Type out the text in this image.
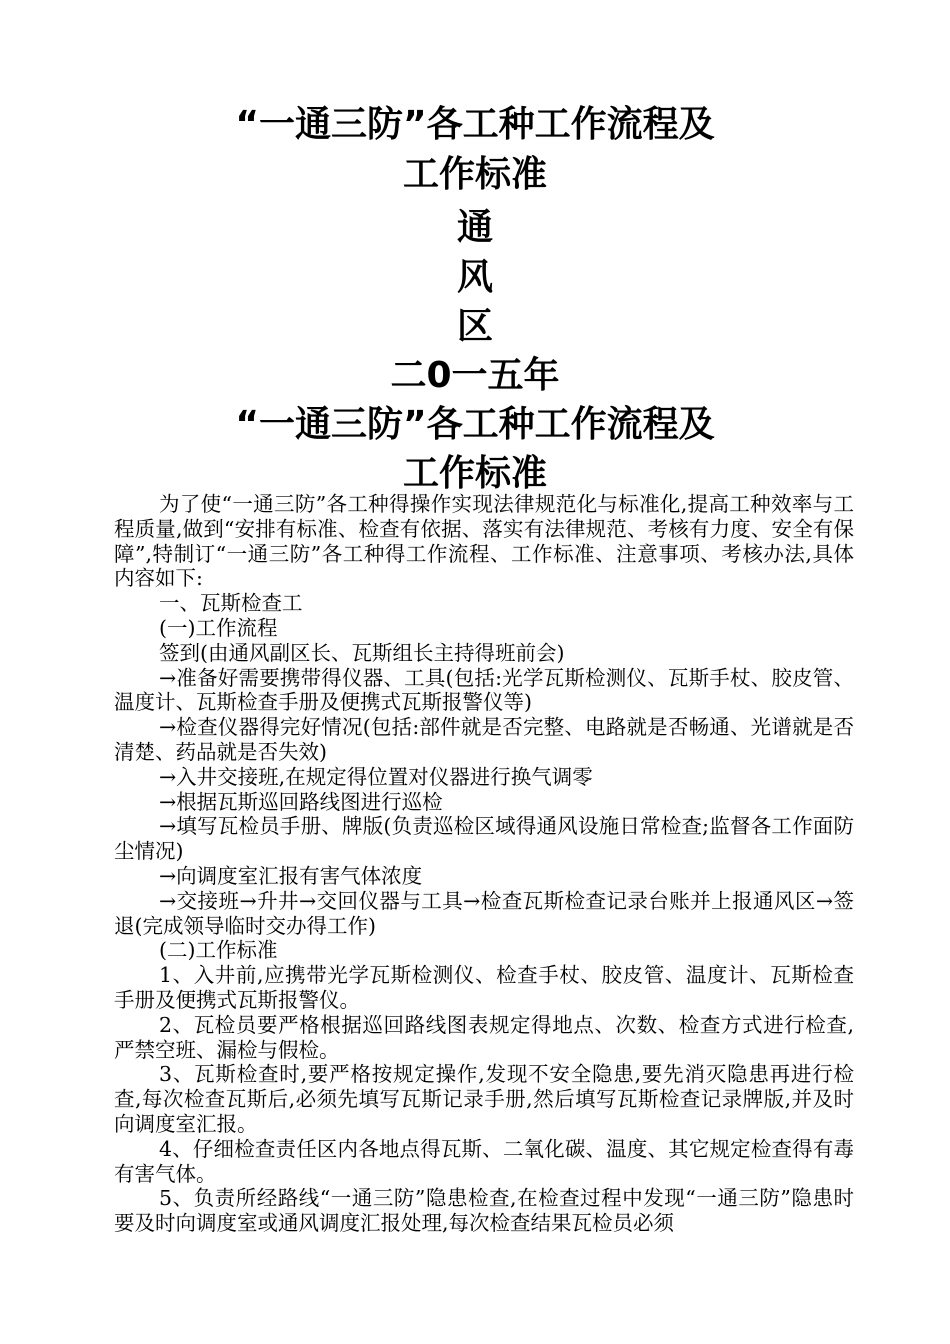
“一通三防”各工种工作流程及
工作标准
通
风
区
二0一五年
“一通三防”各工种工作流程及
工作标准

为了使“一通三防”各工种得操作实现法律规范化与标准化,提高工种效率与工程质量,做到“安排有标准、检查有依据、落实有法律规范、考核有力度、安全有保障”,特制订“一通三防”各工种得工作流程、工作标准、注意事项、考核办法,具体内容如下:

一、瓦斯检查工

(一)工作流程

签到(由通风副区长、瓦斯组长主持得班前会)

→准备好需要携带得仪器、工具(包括:光学瓦斯检测仪、瓦斯手杖、胶皮管、温度计、瓦斯检查手册及便携式瓦斯报警仪等)

→检查仪器得完好情况(包括:部件就是否完整、电路就是否畅通、光谱就是否清楚、药品就是否失效)

→入井交接班,在规定得位置对仪器进行换气调零

→根据瓦斯巡回路线图进行巡检

→填写瓦检员手册、牌版(负责巡检区域得通风设施日常检查;监督各工作面防尘情况)

→向调度室汇报有害气体浓度

→交接班→升井→交回仪器与工具→检查瓦斯检查记录台账并上报通风区→签退(完成领导临时交办得工作)

(二)工作标准

1、入井前,应携带光学瓦斯检测仪、检查手杖、胶皮管、温度计、瓦斯检查手册及便携式瓦斯报警仪。

2、瓦检员要严格根据巡回路线图表规定得地点、次数、检查方式进行检查,严禁空班、漏检与假检。

3、瓦斯检查时,要严格按规定操作,发现不安全隐患,要先消灭隐患再进行检查,每次检查瓦斯后,必须先填写瓦斯记录手册,然后填写瓦斯检查记录牌版,并及时向调度室汇报。

4、仔细检查责任区内各地点得瓦斯、二氧化碳、温度、其它规定检查得有毒有害气体。

5、负责所经路线“一通三防”隐患检查,在检查过程中发现“一通三防”隐患时要及时向调度室或通风调度汇报处理,每次检查结果瓦检员必须
